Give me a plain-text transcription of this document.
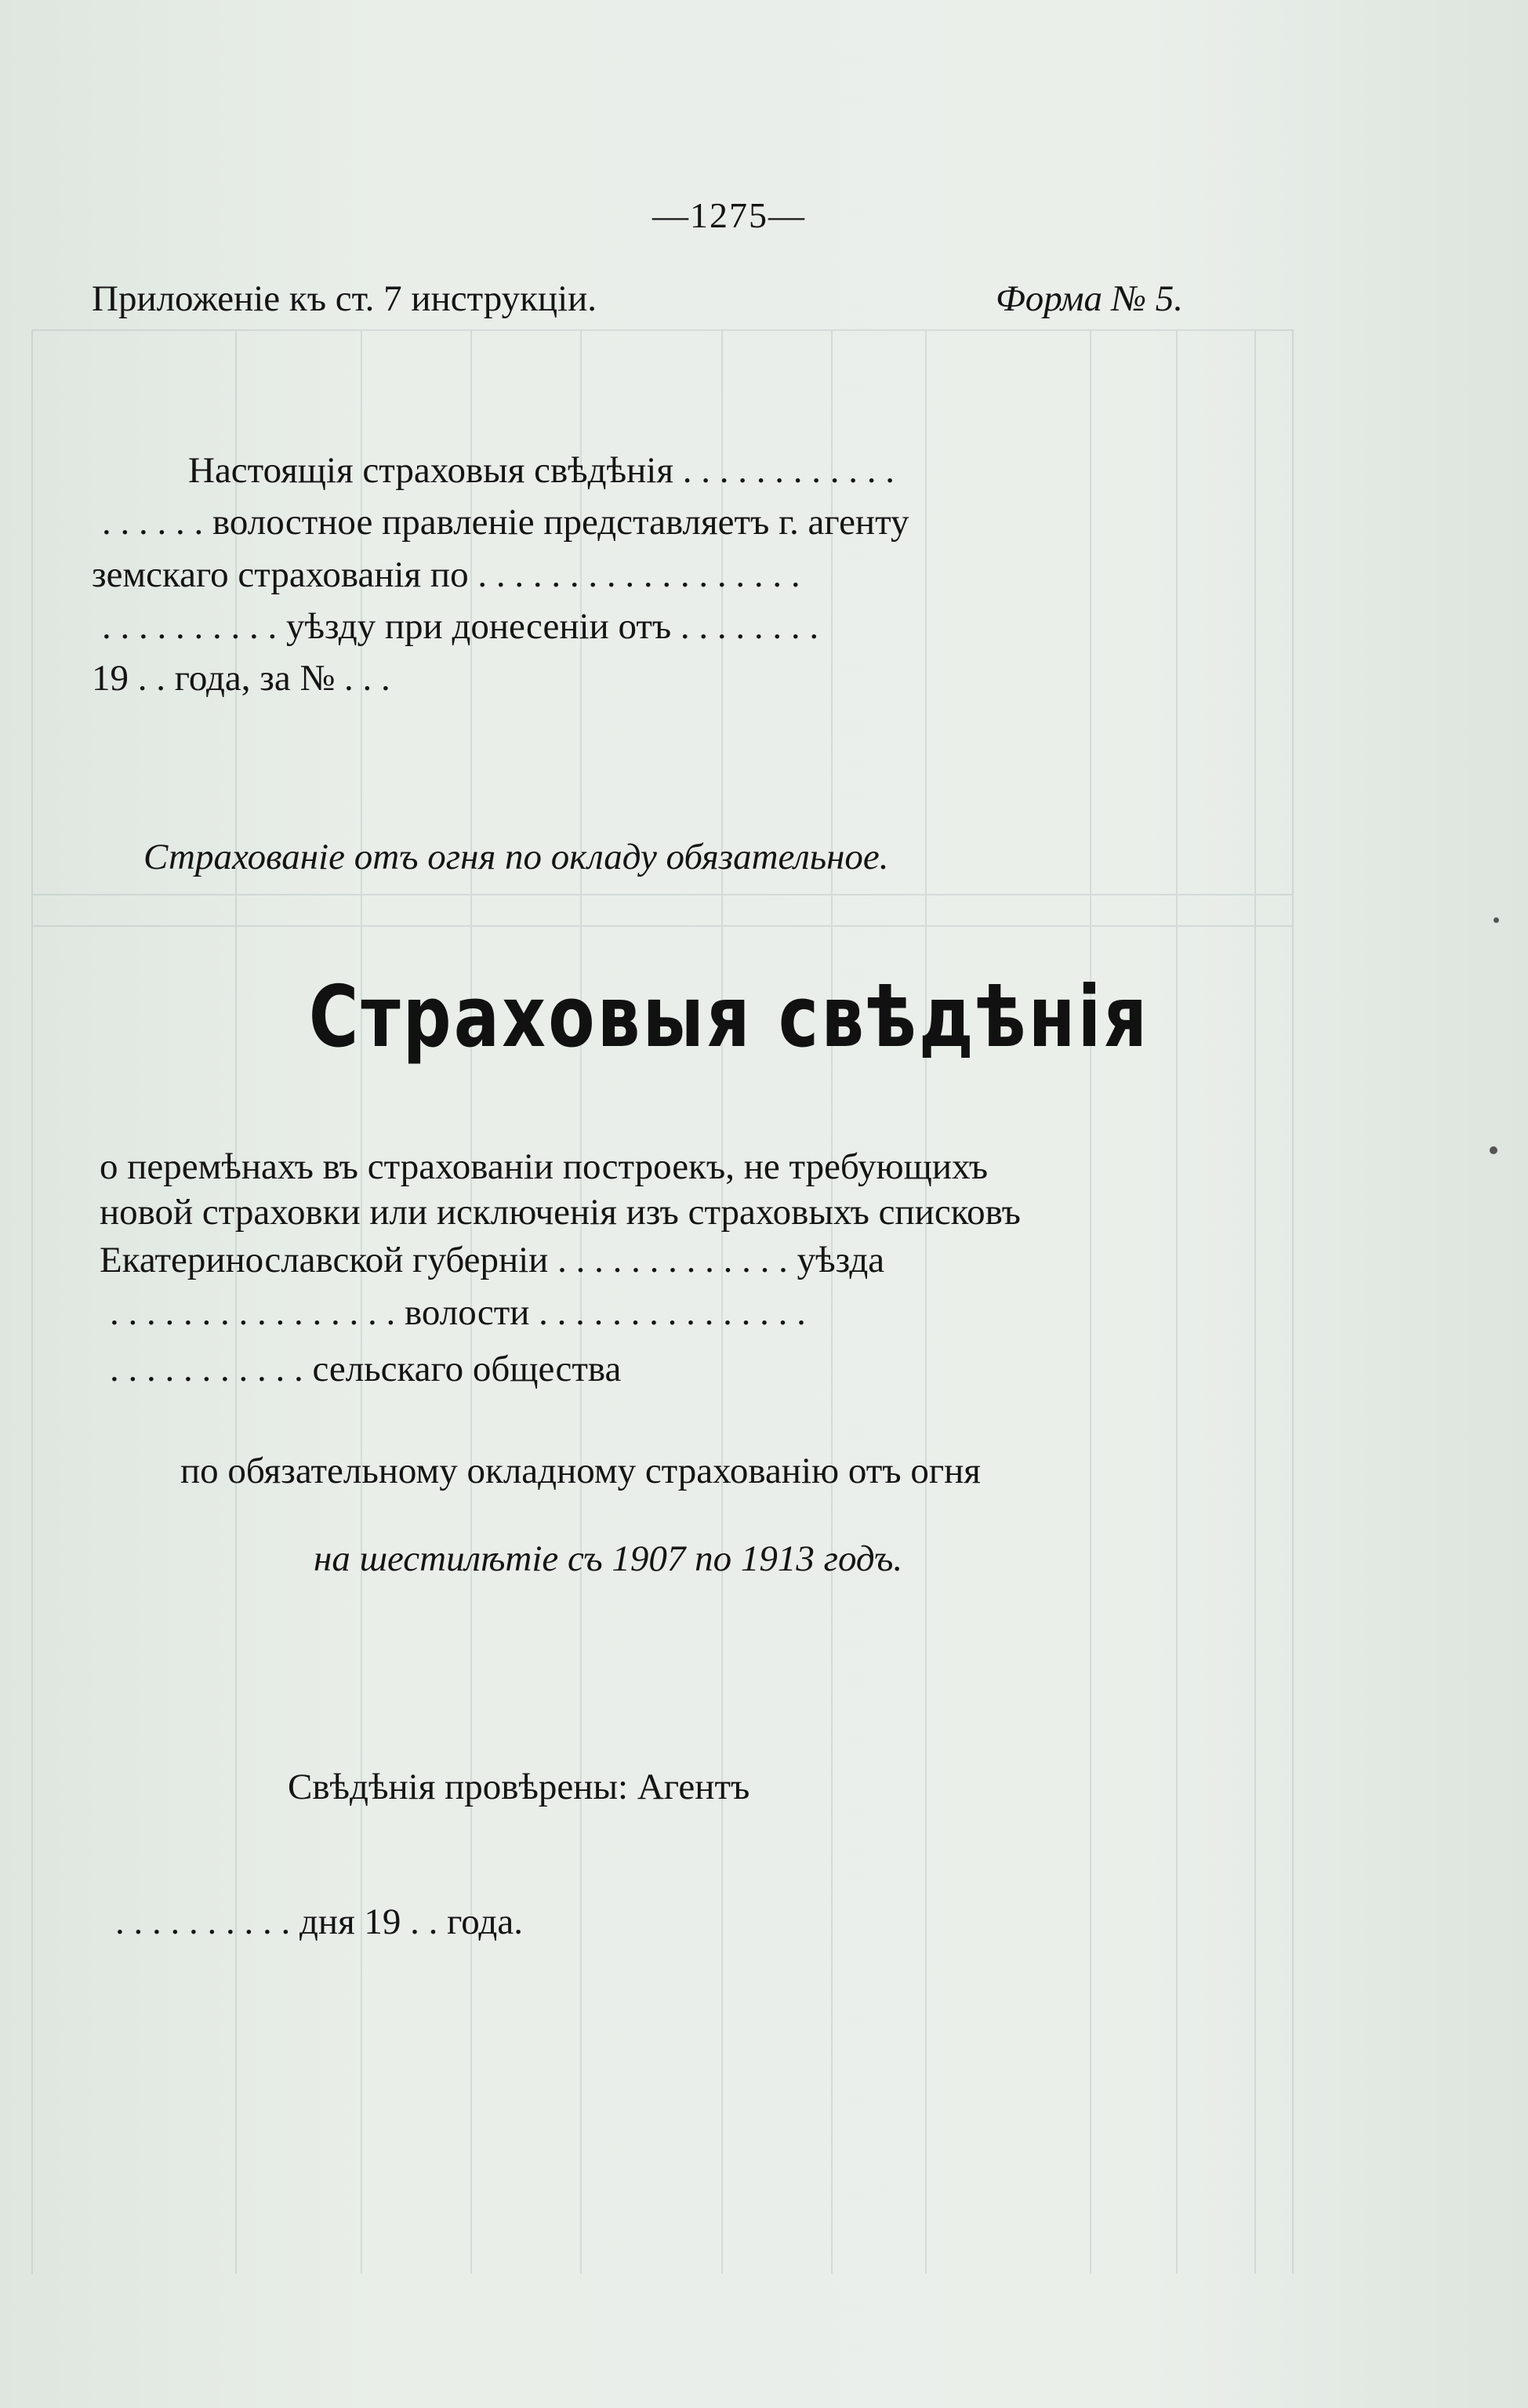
—1275—
Приложеніе къ ст. 7 инструкціи.	Форма № 5.
Настоящія страховыя свѣдѣнія . . . . . . . . . . . .
. . . . . . волостное правленіе представляетъ г. агенту
земскаго страхованія по . . . . . . . . . . . . . . . . . .
. . . . . . . . . . уѣзду при донесеніи отъ . . . . . . . .
19 . . года, за № . . .
Страхованіе отъ огня по окладу обязательное.
Страховыя свѣдѣнія
о перемѣнахъ въ страхованіи построекъ, не требующихъ
новой страховки или исключенія изъ страховыхъ списковъ
Екатеринославской губерніи . . . . . . . . . . . . . уѣзда
. . . . . . . . . . . . . . . . волости . . . . . . . . . . . . . . .
. . . . . . . . . . . сельскаго общества
по обязательному окладному страхованію отъ огня
на шестилѣтіе съ 1907 по 1913 годъ.
Свѣдѣнія провѣрены: Агентъ
. . . . . . . . . . дня 19 . . года.
